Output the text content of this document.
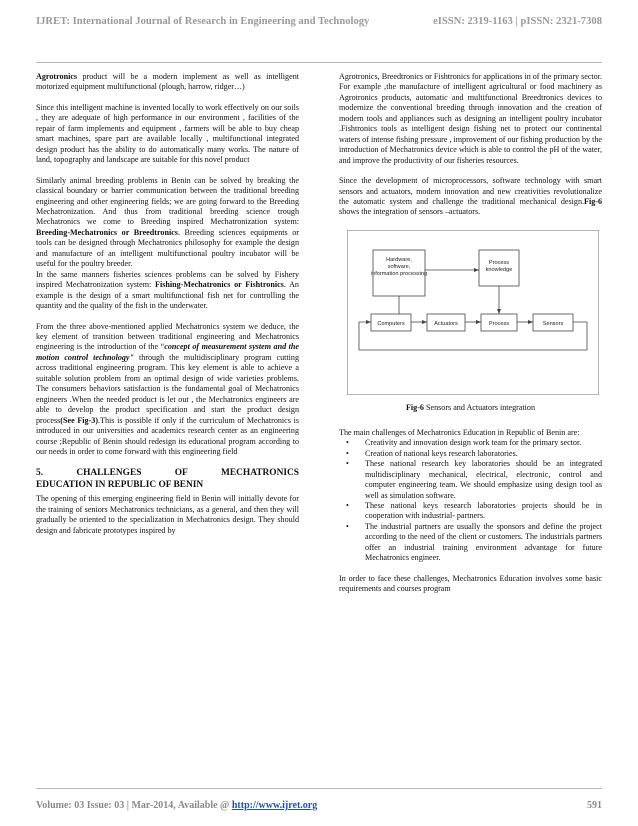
IJRET: International Journal of Research in Engineering and Technology	eISSN: 2319-1163 | pISSN: 2321-7308

Agrotronics product will be a modern implement as well as intelligent motorized equipment multifunctional (plough, harrow, ridger…)

Since this intelligent machine is invented locally to work effectively on our soils , they are adequate of high performance in our environment , facilities of the repair of farm implements and equipment , farmers will be able to buy cheap smart machines, spare part are available locally , multifunctional integrated design product has the ability to do automatically many works. The nature of land, topography and landscape are suitable for this novel product

Similarly animal breeding problems in Benin can be solved by breaking the classical boundary or barrier communication between the traditional breeding engineering and other engineering fields; we are going forward to the Breeding Mechatronization. And thus from traditional breeding science trough Mechatronics we come to Breeding inspired Mechatronization system: Breeding-Mechatronics or Breedtronics. Breeding sciences equipments or tools can be designed through Mechatronics philosophy for example the design and manufacture of an intelligent multifunctional poultry incubator will be useful for the poultry breeder.

In the same manners fisheries sciences problems can be solved by Fishery inspired Mechatronization system: Fishing-Mechatronics or Fishtronics. An example is the design of a smart multifunctional fish net for controlling the quantity and the quality of the fish in the underwater.

From the three above-mentioned applied Mechatronics system we deduce, the key element of transition between traditional engineering and Mechatronics engineering is the introduction of the “concept of measurement system and the motion control technology" through the multidisciplinary program cutting across traditional engineering program. This key element is able to achieve a suitable solution problem from an optimal design of wide varieties problems. The consumers behaviors satisfaction is the fundamental goal of Mechatronics engineers .When the needed product is let out , the Mechatronics engineers are able to develop the product specification and start the product design process(See Fig-3).This is possible if only if the curriculum of Mechatronics is introduced in our universities and academics research center as an engineering course ;Republic of Benin should redesign its educational program according to our needs in order to come forward with this engineering field

5.	CHALLENGES	OF	MECHATRONICS
EDUCATION IN REPUBLIC OF BENIN

The opening of this emerging engineering field in Benin will initially devote for the training of seniors Mechatronics technicians, as a general, and then they will gradually be oriented to the specialization in Mechatronics design. They should design and fabricate prototypes inspired by

Agrotronics, Breedtronics or Fishtronics for applications in of the primary sector. For example ,the manufacture of intelligent agricultural or food machinery as Agrotronics products, automatic and multifunctional Breedtronics devices to modernize the conventional breeding through innovation and the creation of modern tools and appliances such as designing an intelligent poultry incubator .Fishtronics tools as intelligent design fishing net to protect our continental waters of intense fishing pressure , improvement of our fishing production by the introduction of Mechatronics device which is able to control the pH of the water, and improve the productivity of our fisheries resources.

Since the development of microprocessors, software technology with smart sensors and actuators, modern innovation and new creativities revolutionalize the automatic system and challenge the traditional mechanical design.Fig-6 shows the integration of sensors –actuators.

Hardware,
software,
information processing
Process
knowledge
Computers	Actuators	Process	Sensors
Fig-6 Sensors and Actuators integration

The main challenges of Mechatronics Education in Republic of Benin are:

• Creativity and innovation design work team for the primary sector.
• Creation of national keys research laboratories.
• These national research key laboratories should be an integrated multidisciplinary mechanical, electrical, electronic, control and computer engineering team. We should emphasize using design tool as well as simulation software.
• These national keys research laboratories projects should be in cooperation with industrial- partners.
• The industrial partners are usually the sponsors and define the project according to the need of the client or customers. The industrials partners offer an industrial training environment advantage for future Mechatronics engineer.

In order to face these challenges, Mechatronics Education involves some basic requirements and courses program

Volume: 03 Issue: 03 | Mar-2014, Available @ http://www.ijret.org	591
